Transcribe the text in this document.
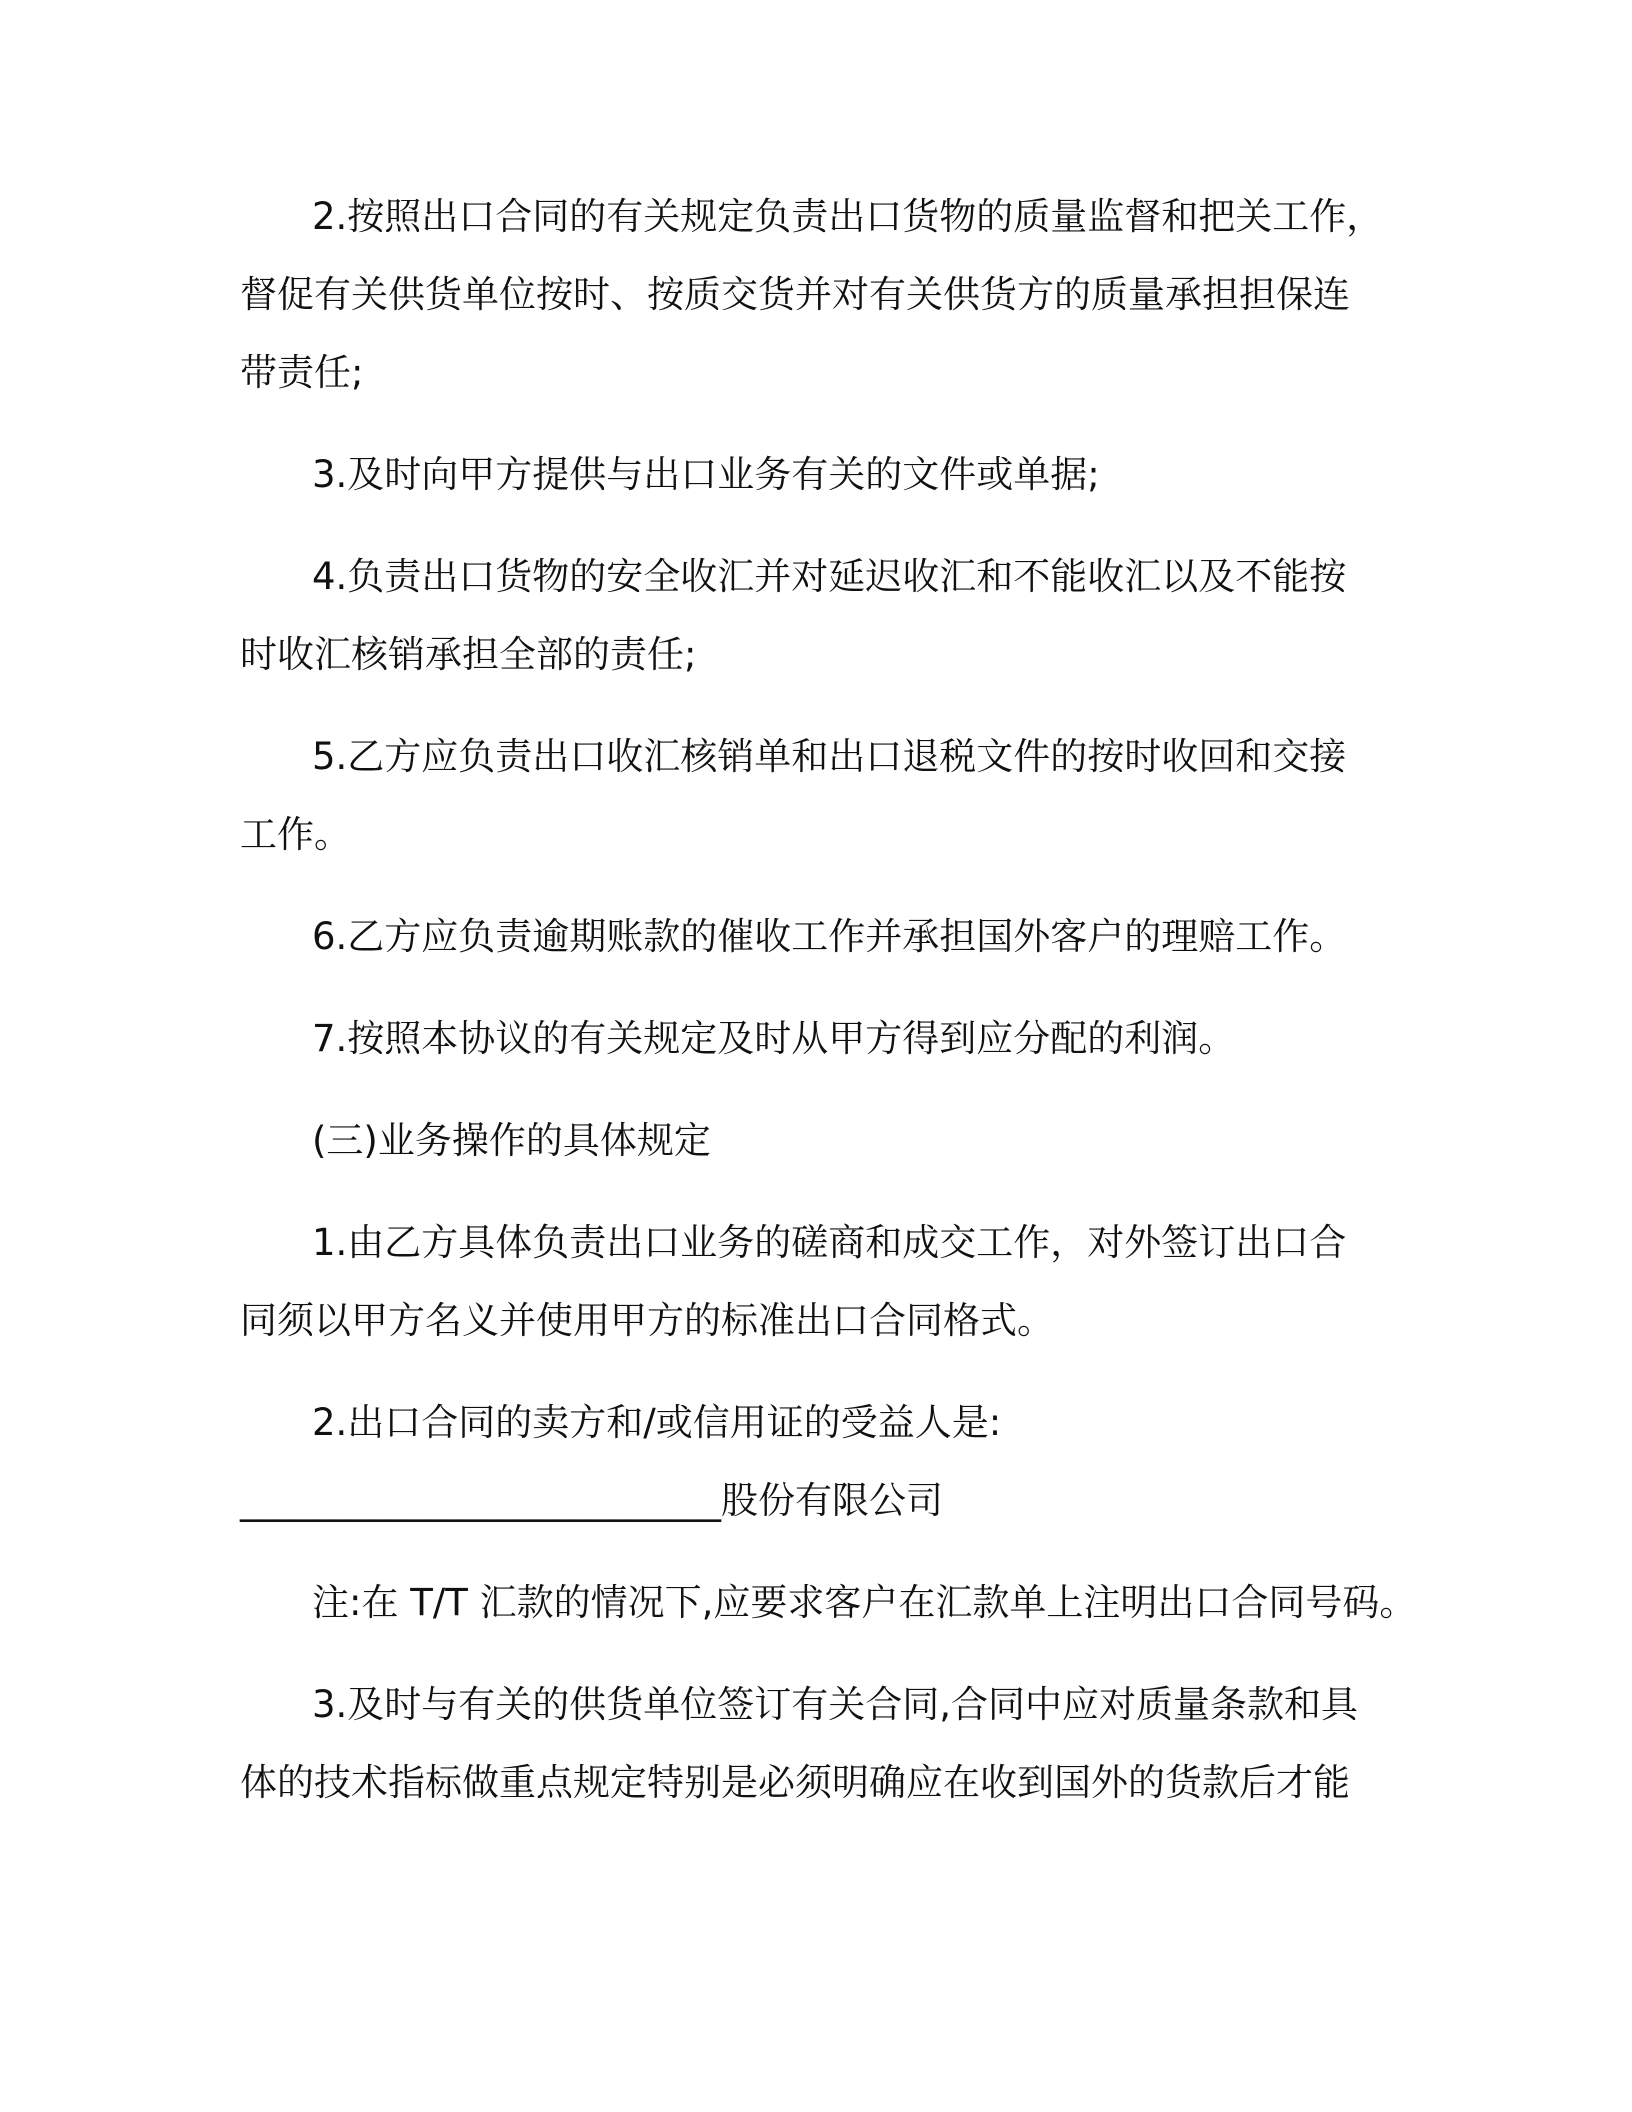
2.按照出口合同的有关规定负责出口货物的质量监督和把关工作，
督促有关供货单位按时、按质交货并对有关供货方的质量承担担保连
带责任;
3.及时向甲方提供与出口业务有关的文件或单据;
4.负责出口货物的安全收汇并对延迟收汇和不能收汇以及不能按
时收汇核销承担全部的责任;
5.乙方应负责出口收汇核销单和出口退税文件的按时收回和交接
工作。
6.乙方应负责逾期账款的催收工作并承担国外客户的理赔工作。
7.按照本协议的有关规定及时从甲方得到应分配的利润。
(三)业务操作的具体规定
1.由乙方具体负责出口业务的磋商和成交工作，对外签订出口合
同须以甲方名义并使用甲方的标准出口合同格式。
2.出口合同的卖方和/或信用证的受益人是:
__________________________股份有限公司
注:在 T/T 汇款的情况下,应要求客户在汇款单上注明出口合同号码。
3.及时与有关的供货单位签订有关合同,合同中应对质量条款和具
体的技术指标做重点规定特别是必须明确应在收到国外的货款后才能
